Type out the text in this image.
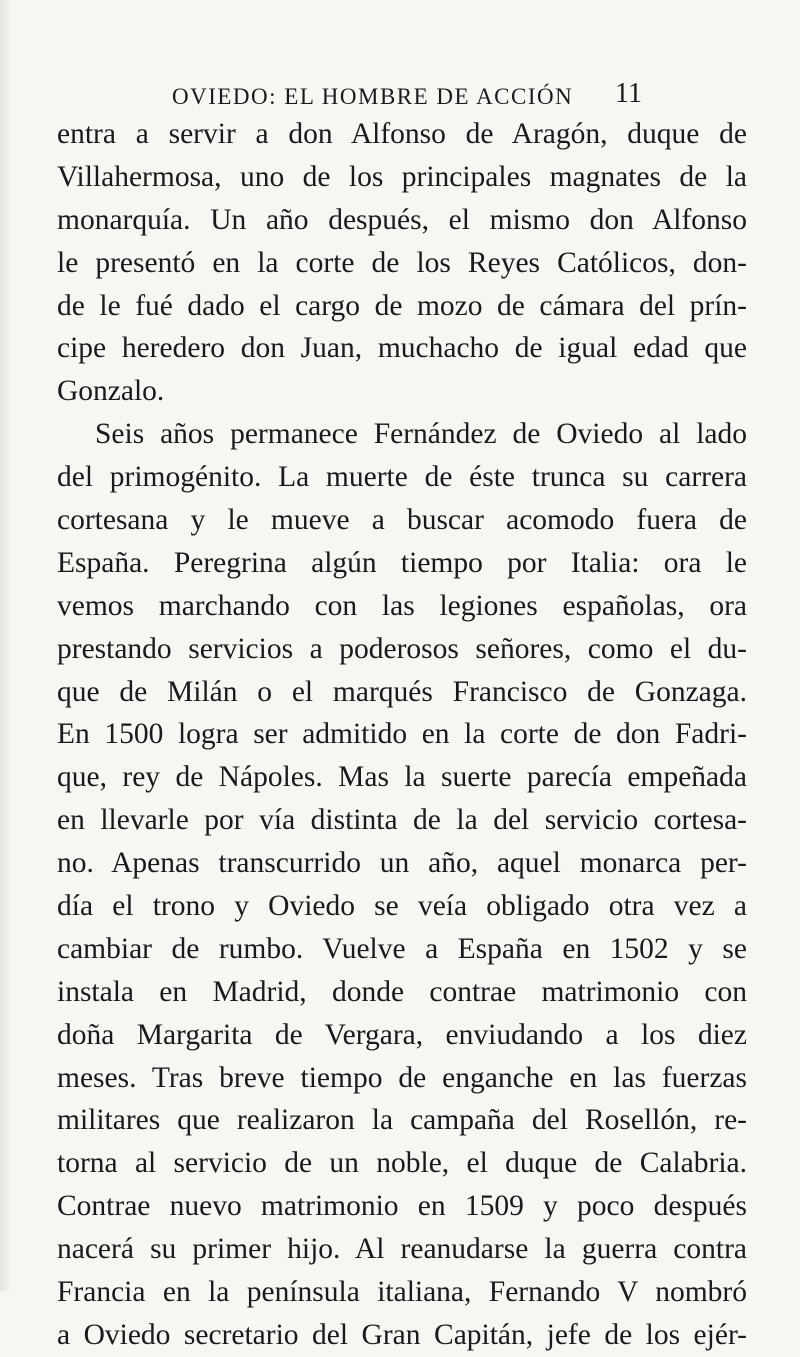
OVIEDO: EL HOMBRE DE ACCIÓN 11
entra a servir a don Alfonso de Aragón, duque de
Villahermosa, uno de los principales magnates de la
monarquía. Un año después, el mismo don Alfonso
le presentó en la corte de los Reyes Católicos, don-
de le fué dado el cargo de mozo de cámara del prín-
cipe heredero don Juan, muchacho de igual edad que
Gonzalo.
Seis años permanece Fernández de Oviedo al lado
del primogénito. La muerte de éste trunca su carrera
cortesana y le mueve a buscar acomodo fuera de
España. Peregrina algún tiempo por Italia: ora le
vemos marchando con las legiones españolas, ora
prestando servicios a poderosos señores, como el du-
que de Milán o el marqués Francisco de Gonzaga.
En 1500 logra ser admitido en la corte de don Fadri-
que, rey de Nápoles. Mas la suerte parecía empeñada
en llevarle por vía distinta de la del servicio cortesa-
no. Apenas transcurrido un año, aquel monarca per-
día el trono y Oviedo se veía obligado otra vez a
cambiar de rumbo. Vuelve a España en 1502 y se
instala en Madrid, donde contrae matrimonio con
doña Margarita de Vergara, enviudando a los diez
meses. Tras breve tiempo de enganche en las fuerzas
militares que realizaron la campaña del Rosellón, re-
torna al servicio de un noble, el duque de Calabria.
Contrae nuevo matrimonio en 1509 y poco después
nacerá su primer hijo. Al reanudarse la guerra contra
Francia en la península italiana, Fernando V nombró
a Oviedo secretario del Gran Capitán, jefe de los ejér-
